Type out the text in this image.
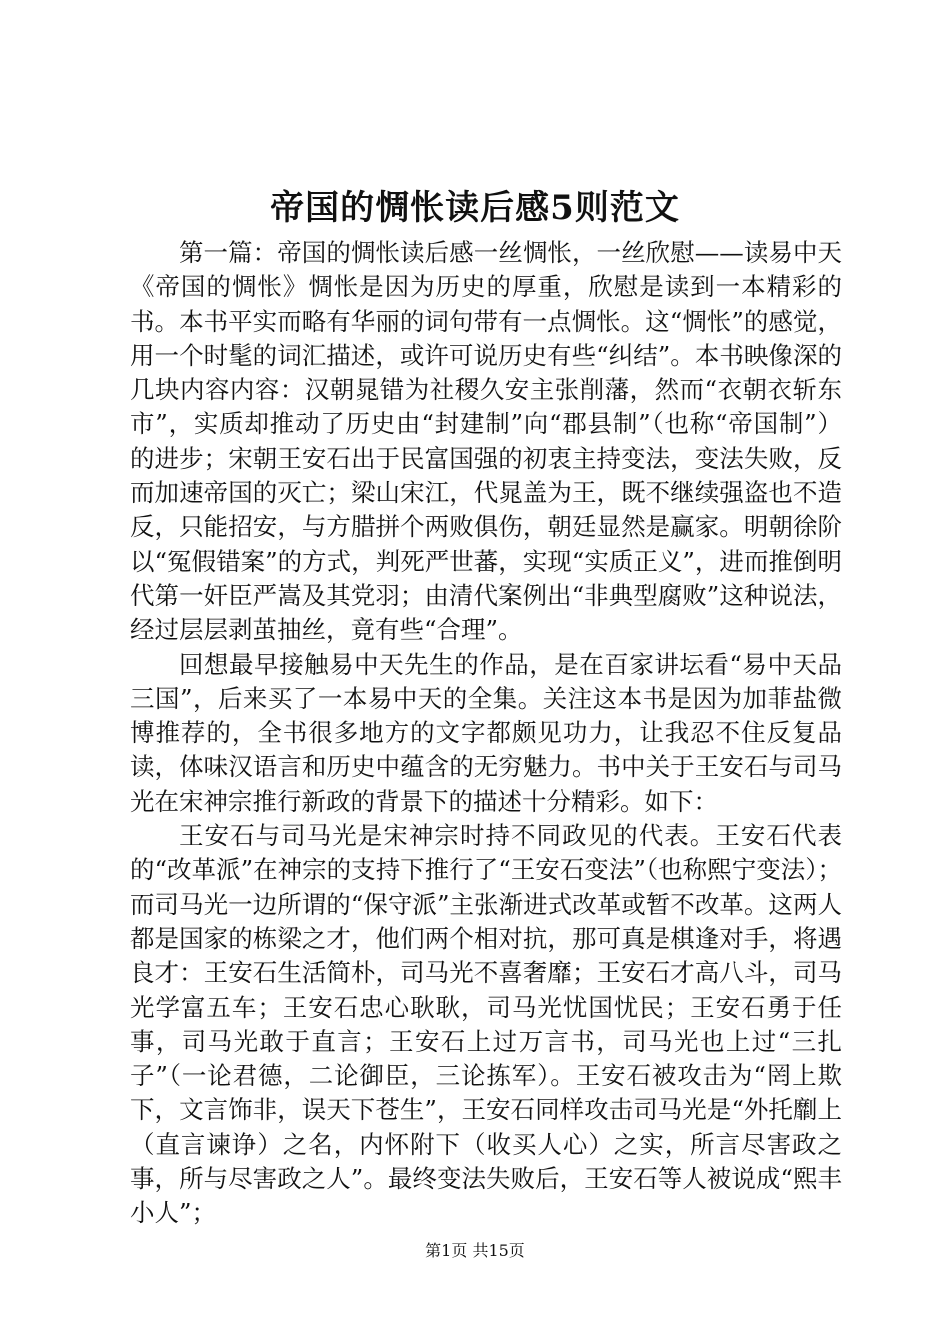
帝国的惆怅读后感5则范文

第一篇：帝国的惆怅读后感一丝惆怅，一丝欣慰——读易中天《帝国的惆怅》惆怅是因为历史的厚重，欣慰是读到一本精彩的书。本书平实而略有华丽的词句带有一点惆怅。这“惆怅”的感觉，用一个时髦的词汇描述，或许可说历史有些“纠结”。本书映像深的几块内容内容：汉朝晁错为社稷久安主张削藩，然而“衣朝衣斩东市”，实质却推动了历史由“封建制”向“郡县制”（也称“帝国制”）的进步；宋朝王安石出于民富国强的初衷主持变法，变法失败，反而加速帝国的灭亡；梁山宋江，代晁盖为王，既不继续强盗也不造反，只能招安，与方腊拼个两败俱伤，朝廷显然是赢家。明朝徐阶以“冤假错案”的方式，判死严世蕃，实现“实质正义”，进而推倒明代第一奸臣严嵩及其党羽；由清代案例出“非典型腐败”这种说法，经过层层剥茧抽丝，竟有些“合理”。

回想最早接触易中天先生的作品，是在百家讲坛看“易中天品三国”，后来买了一本易中天的全集。关注这本书是因为加菲盐微博推荐的，全书很多地方的文字都颇见功力，让我忍不住反复品读，体味汉语言和历史中蕴含的无穷魅力。书中关于王安石与司马光在宋神宗推行新政的背景下的描述十分精彩。如下：

王安石与司马光是宋神宗时持不同政见的代表。王安石代表的“改革派”在神宗的支持下推行了“王安石变法”（也称熙宁变法）；而司马光一边所谓的“保守派”主张渐进式改革或暂不改革。这两人都是国家的栋梁之才，他们两个相对抗，那可真是棋逢对手，将遇良才：王安石生活简朴，司马光不喜奢靡；王安石才高八斗，司马光学富五车；王安石忠心耿耿，司马光忧国忧民；王安石勇于任事，司马光敢于直言；王安石上过万言书，司马光也上过“三扎子”（一论君德，二论御臣，三论拣军）。王安石被攻击为“罔上欺下，文言饰非，误天下苍生”，王安石同样攻击司马光是“外托劘上（直言谏诤）之名，内怀附下（收买人心）之实，所言尽害政之事，所与尽害政之人”。最终变法失败后，王安石等人被说成“熙丰小人”；

第1页 共15页
